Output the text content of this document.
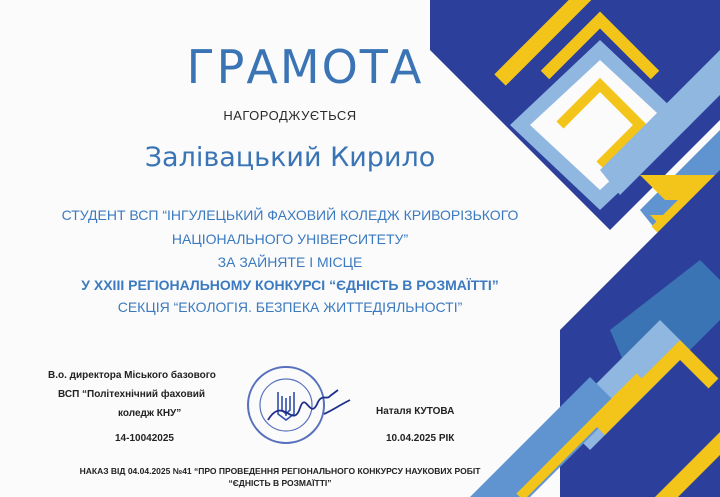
ГРАМОТА
НАГОРОДЖУЄТЬСЯ
Залівацький Кирило
СТУДЕНТ ВСП “ІНГУЛЕЦЬКИЙ ФАХОВИЙ КОЛЕДЖ КРИВОРІЗЬКОГО
НАЦІОНАЛЬНОГО УНІВЕРСИТЕТУ”
ЗА ЗАЙНЯТЕ І МІСЦЕ
У ХХІІІ РЕГІОНАЛЬНОМУ КОНКУРСІ “ЄДНІСТЬ В РОЗМАЇТТІ”
СЕКЦІЯ “ЕКОЛОГІЯ. БЕЗПЕКА ЖИТТЕДІЯЛЬНОСТІ”
В.о. директора Міського базового
ВСП “Політехнічний фаховий
коледж КНУ”
14-10042025
Наталя КУТОВА
10.04.2025 РІК
НАКАЗ ВІД 04.04.2025 №41 “ПРО ПРОВЕДЕННЯ РЕГІОНАЛЬНОГО КОНКУРСУ НАУКОВИХ РОБІТ
“ЄДНІСТЬ В РОЗМАЇТТІ”
